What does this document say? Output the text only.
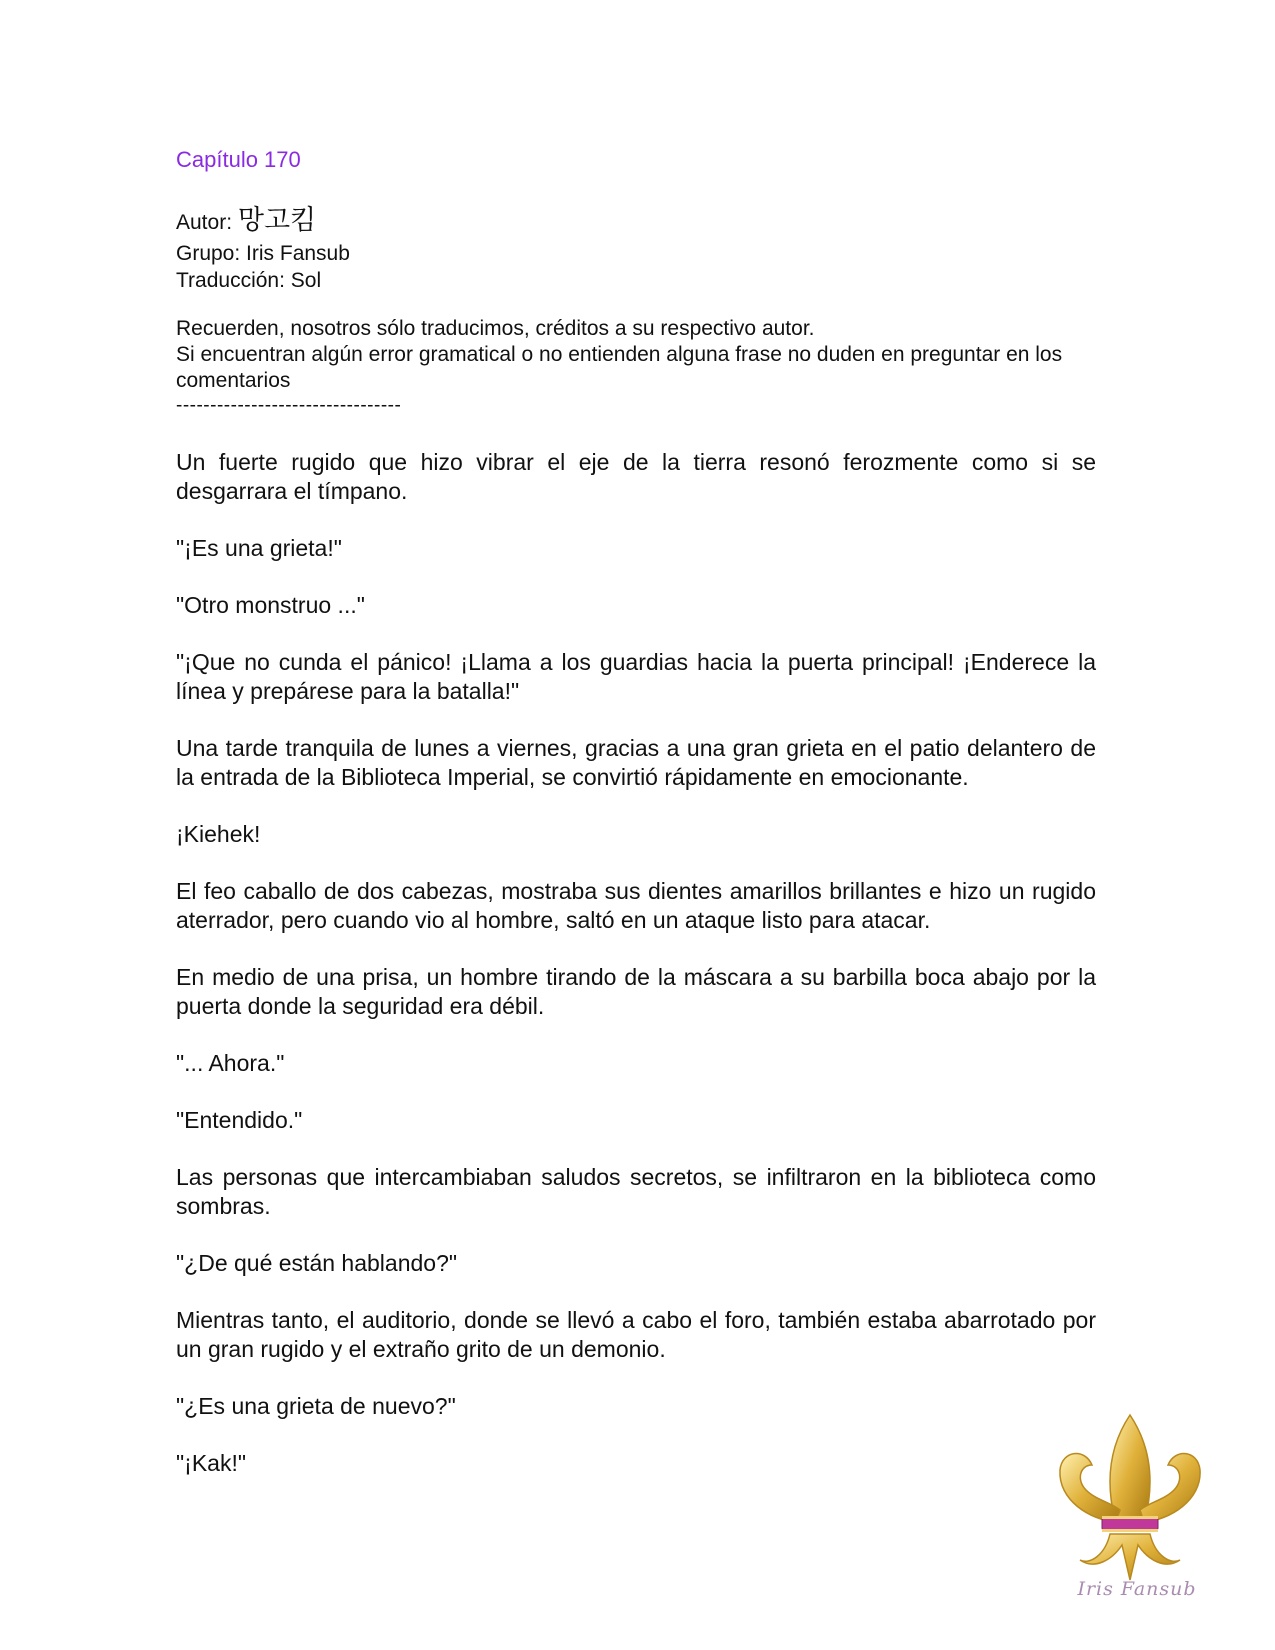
Capítulo 170
Autor: 망고킴
Grupo: Iris Fansub
Traducción: Sol

Recuerden, nosotros sólo traducimos, créditos a su respectivo autor.

Si encuentran algún error gramatical o no entienden alguna frase no duden en preguntar en los comentarios

---------------------------------

Un fuerte rugido que hizo vibrar el eje de la tierra resonó ferozmente como si se desgarrara el tímpano.

"¡Es una grieta!"

"Otro monstruo ..."

"¡Que no cunda el pánico! ¡Llama a los guardias hacia la puerta principal! ¡Enderece la línea y prepárese para la batalla!"

Una tarde tranquila de lunes a viernes, gracias a una gran grieta en el patio delantero de la entrada de la Biblioteca Imperial, se convirtió rápidamente en emocionante.

¡Kiehek!

El feo caballo de dos cabezas, mostraba sus dientes amarillos brillantes e hizo un rugido aterrador, pero cuando vio al hombre, saltó en un ataque listo para atacar.

En medio de una prisa, un hombre tirando de la máscara a su barbilla boca abajo por la puerta donde la seguridad era débil.

"... Ahora."

"Entendido."

Las personas que intercambiaban saludos secretos, se infiltraron en la biblioteca como sombras.

"¿De qué están hablando?"

Mientras tanto, el auditorio, donde se llevó a cabo el foro, también estaba abarrotado por un gran rugido y el extraño grito de un demonio.

"¿Es una grieta de nuevo?"

"¡Kak!"

Iris Fansub
